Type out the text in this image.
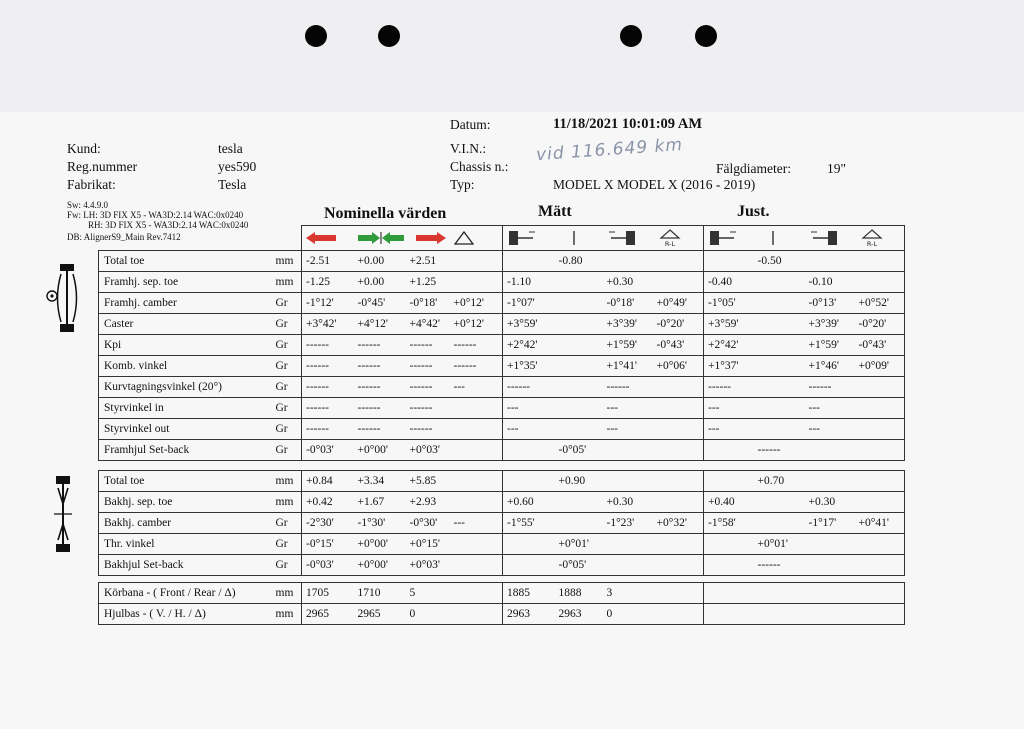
Datum:	11/18/2021 10:01:09 AM
V.I.N.:	vid 116.649 km
Chassis n.:	Fälgdiameter:	19"
Typ:	MODEL X MODEL X (2016 - 2019)
Kund:	tesla
Reg.nummer	yes590
Fabrikat:	Tesla
Sw: 4.4.9.0
Fw: LH: 3D FIX X5 - WA3D:2.14 WAC:0x0240
RH: 3D FIX X5 - WA3D:2.14 WAC:0x0240
DB: AlignerS9_Main Rev.7412
Nominella värden	Mätt	Just.

R-L				R-L

Total toe	mm	-2.51	+0.00	+2.51			-0.80				-0.50		
Framhj. sep. toe	mm	-1.25	+0.00	+1.25		-1.10		+0.30		-0.40		-0.10	
Framhj. camber	Gr	-1°12'	-0°45'	-0°18'	+0°12'	-1°07'		-0°18'	+0°49'	-1°05'		-0°13'	+0°52'
Caster	Gr	+3°42'	+4°12'	+4°42'	+0°12'	+3°59'		+3°39'	-0°20'	+3°59'		+3°39'	-0°20'
Kpi	Gr	------	------	------	------	+2°42'		+1°59'	-0°43'	+2°42'		+1°59'	-0°43'
Komb. vinkel	Gr	------	------	------	------	+1°35'		+1°41'	+0°06'	+1°37'		+1°46'	+0°09'
Kurvtagningsvinkel (20°)	Gr	------	------	------	---	------		------		------		------	
Styrvinkel in	Gr	------	------	------		---		---		---		---	
Styrvinkel out	Gr	------	------	------		---		---		---		---	
Framhjul Set-back	Gr	-0°03'	+0°00'	+0°03'			-0°05'				------		
Total toe	mm	+0.84	+3.34	+5.85			+0.90				+0.70		
Bakhj. sep. toe	mm	+0.42	+1.67	+2.93		+0.60		+0.30		+0.40		+0.30	
Bakhj. camber	Gr	-2°30'	-1°30'	-0°30'	---	-1°55'		-1°23'	+0°32'	-1°58'		-1°17'	+0°41'
Thr. vinkel	Gr	-0°15'	+0°00'	+0°15'			+0°01'				+0°01'		
Bakhjul Set-back	Gr	-0°03'	+0°00'	+0°03'			-0°05'				------		
Körbana - ( Front / Rear / Δ)	mm	1705	1710	5		1885	1888	3					
Hjulbas - ( V. / H. / Δ)	mm	2965	2965	0		2963	2963	0					
